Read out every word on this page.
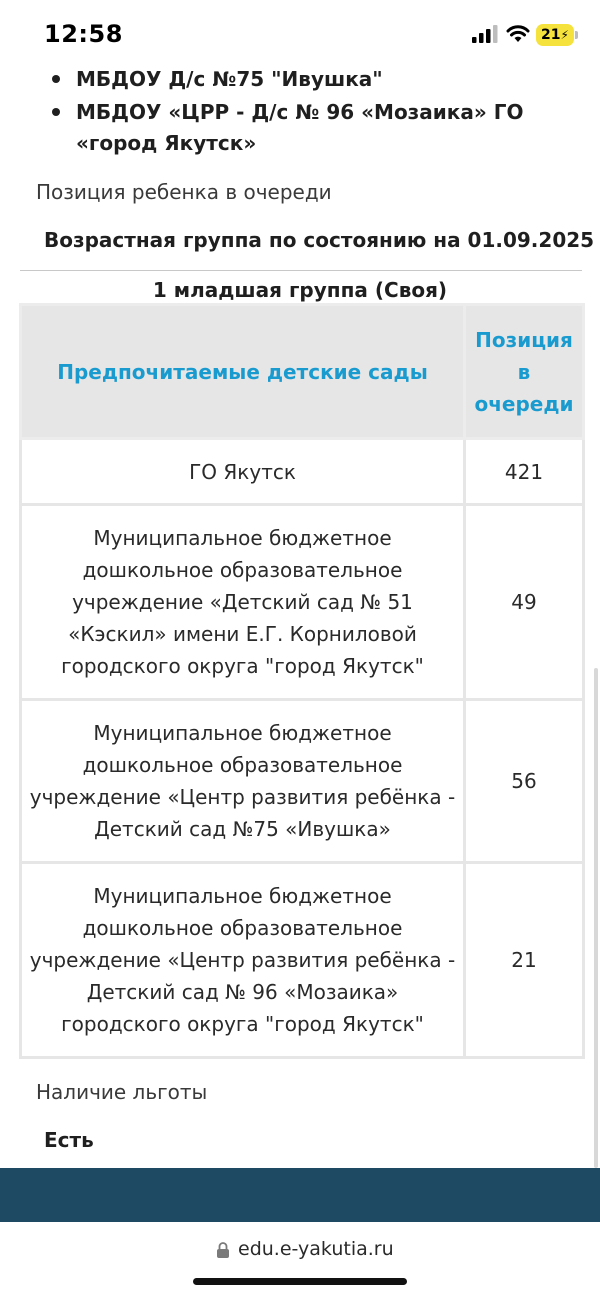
12:58	21⚡
МБДОУ Д/с №75 "Ивушка"
МБДОУ «ЦРР - Д/с № 96 «Мозаика» ГО «город Якутск»
Позиция ребенка в очереди
Возрастная группа по состоянию на 01.09.2025
1 младшая группа (Своя)
Предпочитаемые детские сады	Позиция в очереди
ГО Якутск	421
Муниципальное бюджетное дошкольное образовательное учреждение «Детский сад № 51 «Кэскил» имени Е.Г. Корниловой городского округа "город Якутск"	49
Муниципальное бюджетное дошкольное образовательное учреждение «Центр развития ребёнка - Детский сад №75 «Ивушка»	56
Муниципальное бюджетное дошкольное образовательное учреждение «Центр развития ребёнка - Детский сад № 96 «Мозаика» городского округа "город Якутск"	21
Наличие льготы
Есть
edu.e-yakutia.ru
